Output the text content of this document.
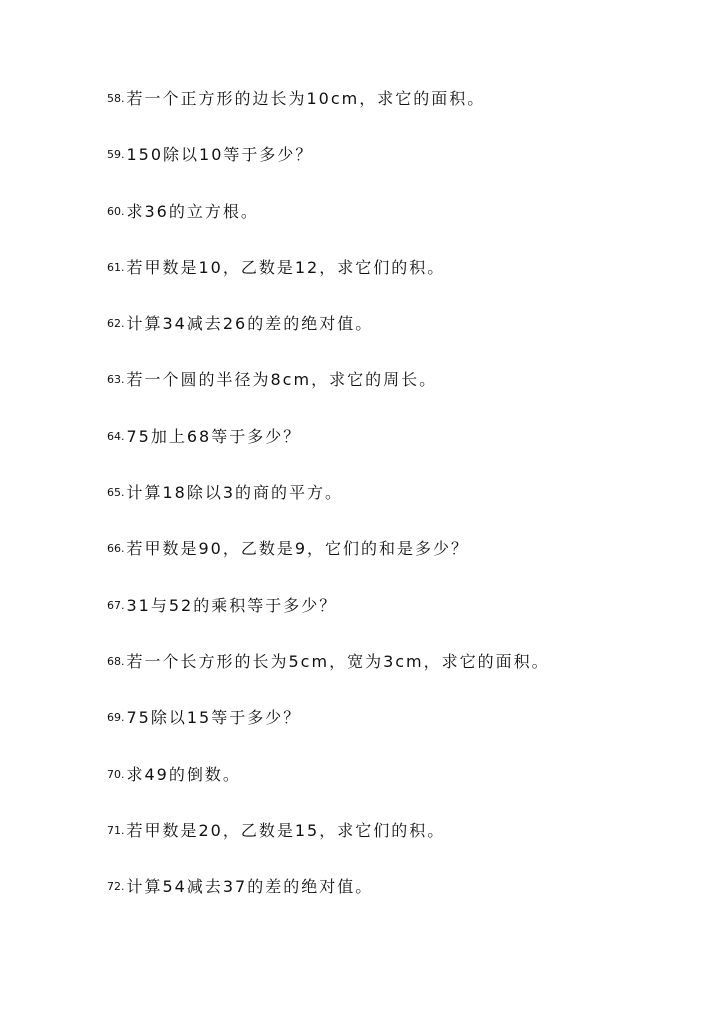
58. 若一个正方形的边长为10cm，求它的面积。
59. 150除以10等于多少？
60. 求36的立方根。
61. 若甲数是10，乙数是12，求它们的积。
62. 计算34减去26的差的绝对值。
63. 若一个圆的半径为8cm，求它的周长。
64. 75加上68等于多少？
65. 计算18除以3的商的平方。
66. 若甲数是90，乙数是9，它们的和是多少？
67. 31与52的乘积等于多少？
68. 若一个长方形的长为5cm，宽为3cm，求它的面积。
69. 75除以15等于多少？
70. 求49的倒数。
71. 若甲数是20，乙数是15，求它们的积。
72. 计算54减去37的差的绝对值。
